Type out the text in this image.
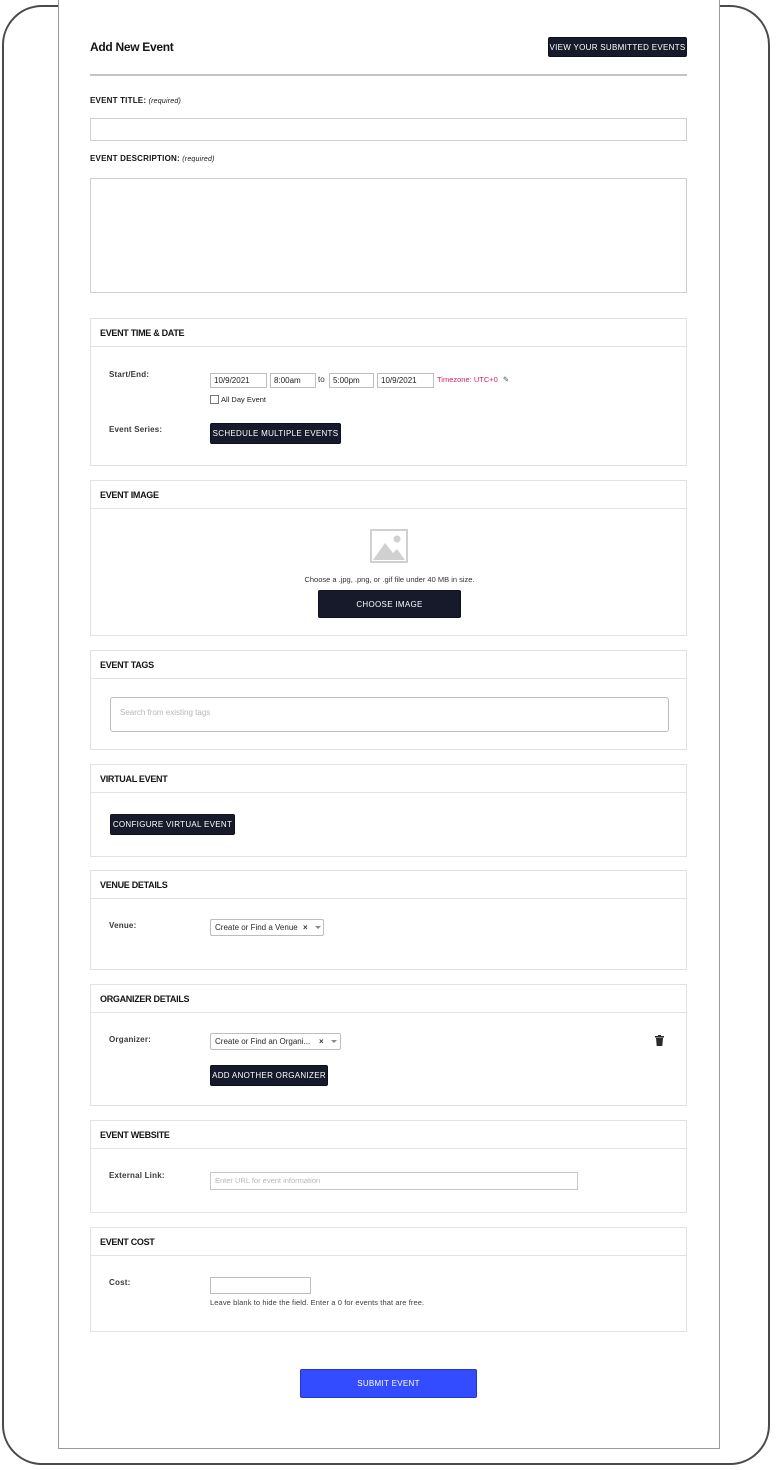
Add New Event	VIEW YOUR SUBMITTED EVENTS
EVENT TITLE: (required)
EVENT DESCRIPTION: (required)
EVENT TIME & DATE
Start/End:
10/9/2021	8:00am	to	5:00pm	10/9/2021	Timezone: UTC+0 ✎
All Day Event
Event Series:	SCHEDULE MULTIPLE EVENTS
EVENT IMAGE
Choose a .jpg, .png, or .gif file under 40 MB in size.
CHOOSE IMAGE
EVENT TAGS
Search from existing tags
VIRTUAL EVENT
CONFIGURE VIRTUAL EVENT
VENUE DETAILS
Venue:	Create or Find a Venue ×
ORGANIZER DETAILS
Organizer:	Create or Find an Organi... ×
ADD ANOTHER ORGANIZER
EVENT WEBSITE
External Link:
Enter URL for event information
EVENT COST
Cost:
Leave blank to hide the field. Enter a 0 for events that are free.
SUBMIT EVENT
